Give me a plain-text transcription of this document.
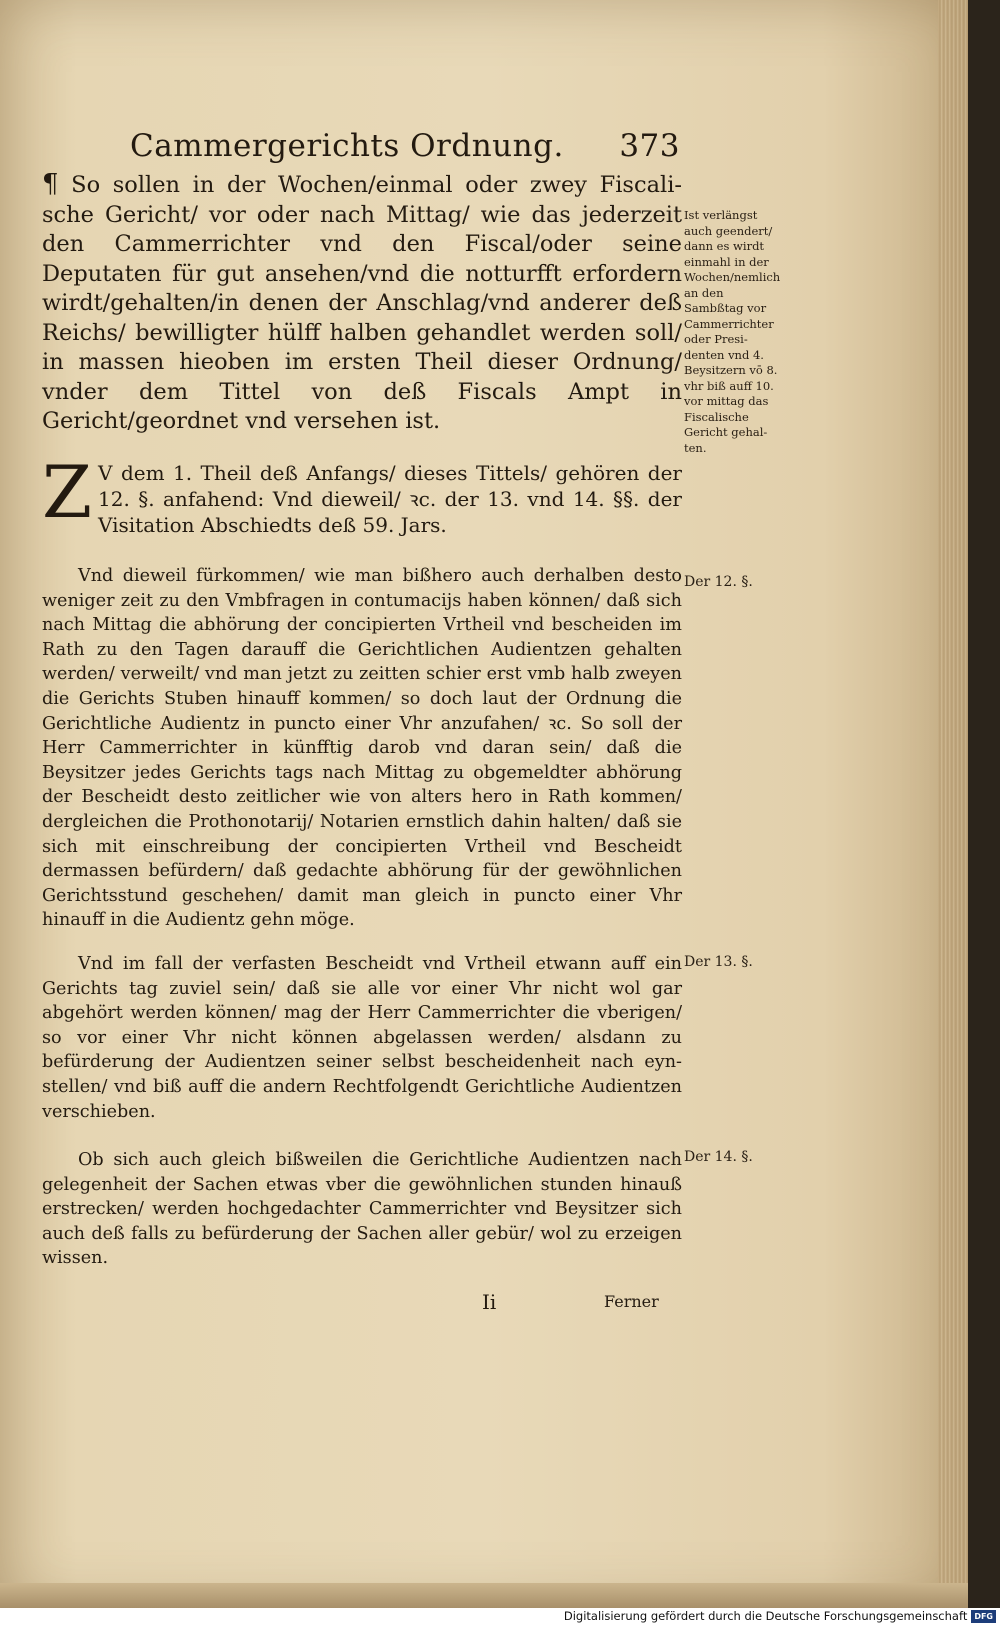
Cammergerichts Ordnung. 373
¶ So sollen in der Wochen/einmal oder zwey Fiscalische Gericht/ vor oder nach Mittag/ wie das jederzeit den Cammerrichter vnd den Fiscal/oder seine Deputaten für gut ansehen/vnd die notturfft erfordern wirdt/gehalten/in denen der Anschlag/vnd anderer deß Reichs/ bewilligter hülff halben gehandlet werden soll/ in massen hieoben im ersten Theil dieser Ordnung/ vnder dem Tittel von deß Fiscals Ampt in Gericht/geordnet vnd versehen ist.
Ist verlängst auch geendert/ dann es wirdt einmahl in der Wochen/nemlich an den Sambßtag vor Cammerrichter oder Presidenten vnd 4. Beysitzern vō 8. vhr biß auff 10. vor mittag das Fiscalische Gericht gehalten.
Z V dem 1. Theil deß Anfangs/ dieses Tittels/ gehören der 12. §. anfahend: Vnd dieweil/ ꝛc. der 13. vnd 14. §§. der Visitation Abschiedts deß 59. Jars.
Vnd dieweil fürkommen/ wie man bißhero auch derhalben desto weniger zeit zu den Vmbfragen in contumacijs haben können/ daß sich nach Mittag die abhörung der concipierten Vrtheil vnd bescheiden im Rath zu den Tagen darauff die Gerichtlichen Audientzen gehalten werden/ verweilt/ vnd man jetzt zu zeitten schier erst vmb halb zweyen die Gerichts Stuben hinauff kommen/ so doch laut der Ordnung die Gerichtliche Audientz in puncto einer Vhr anzufahen/ ꝛc. So soll der Herr Cammerrichter in künfftig darob vnd daran sein/ daß die Beysitzer jedes Gerichts tags nach Mittag zu obgemeldter abhörung der Bescheidt desto zeitlicher wie von alters hero in Rath kommen/ dergleichen die Prothonotarij/ Notarien ernstlich dahin halten/ daß sie sich mit einschreibung der concipierten Vrtheil vnd Bescheidt dermassen befürdern/ daß gedachte abhörung für der gewöhnlichen Gerichtsstund geschehen/ damit man gleich in puncto einer Vhr hinauff in die Audientz gehn möge.
Der 12. §.
Vnd im fall der verfasten Bescheidt vnd Vrtheil etwann auff ein Gerichts tag zuviel sein/ daß sie alle vor einer Vhr nicht wol gar abgehört werden können/ mag der Herr Cammerrichter die vberigen/ so vor einer Vhr nicht können abgelassen werden/ alsdann zu befürderung der Audientzen seiner selbst bescheidenheit nach eynstellen/ vnd biß auff die andern Rechtfolgendt Gerichtliche Audientzen verschieben.
Der 13. §.
Ob sich auch gleich bißweilen die Gerichtliche Audientzen nach gelegenheit der Sachen etwas vber die gewöhnlichen stunden hinauß erstrecken/ werden hochgedachter Cammerrichter vnd Beysitzer sich auch deß falls zu befürderung der Sachen aller gebür/ wol zu erzeigen wissen.
Der 14. §.
Ii	Ferner
Digitalisierung gefördert durch die Deutsche Forschungsgemeinschaft DFG
